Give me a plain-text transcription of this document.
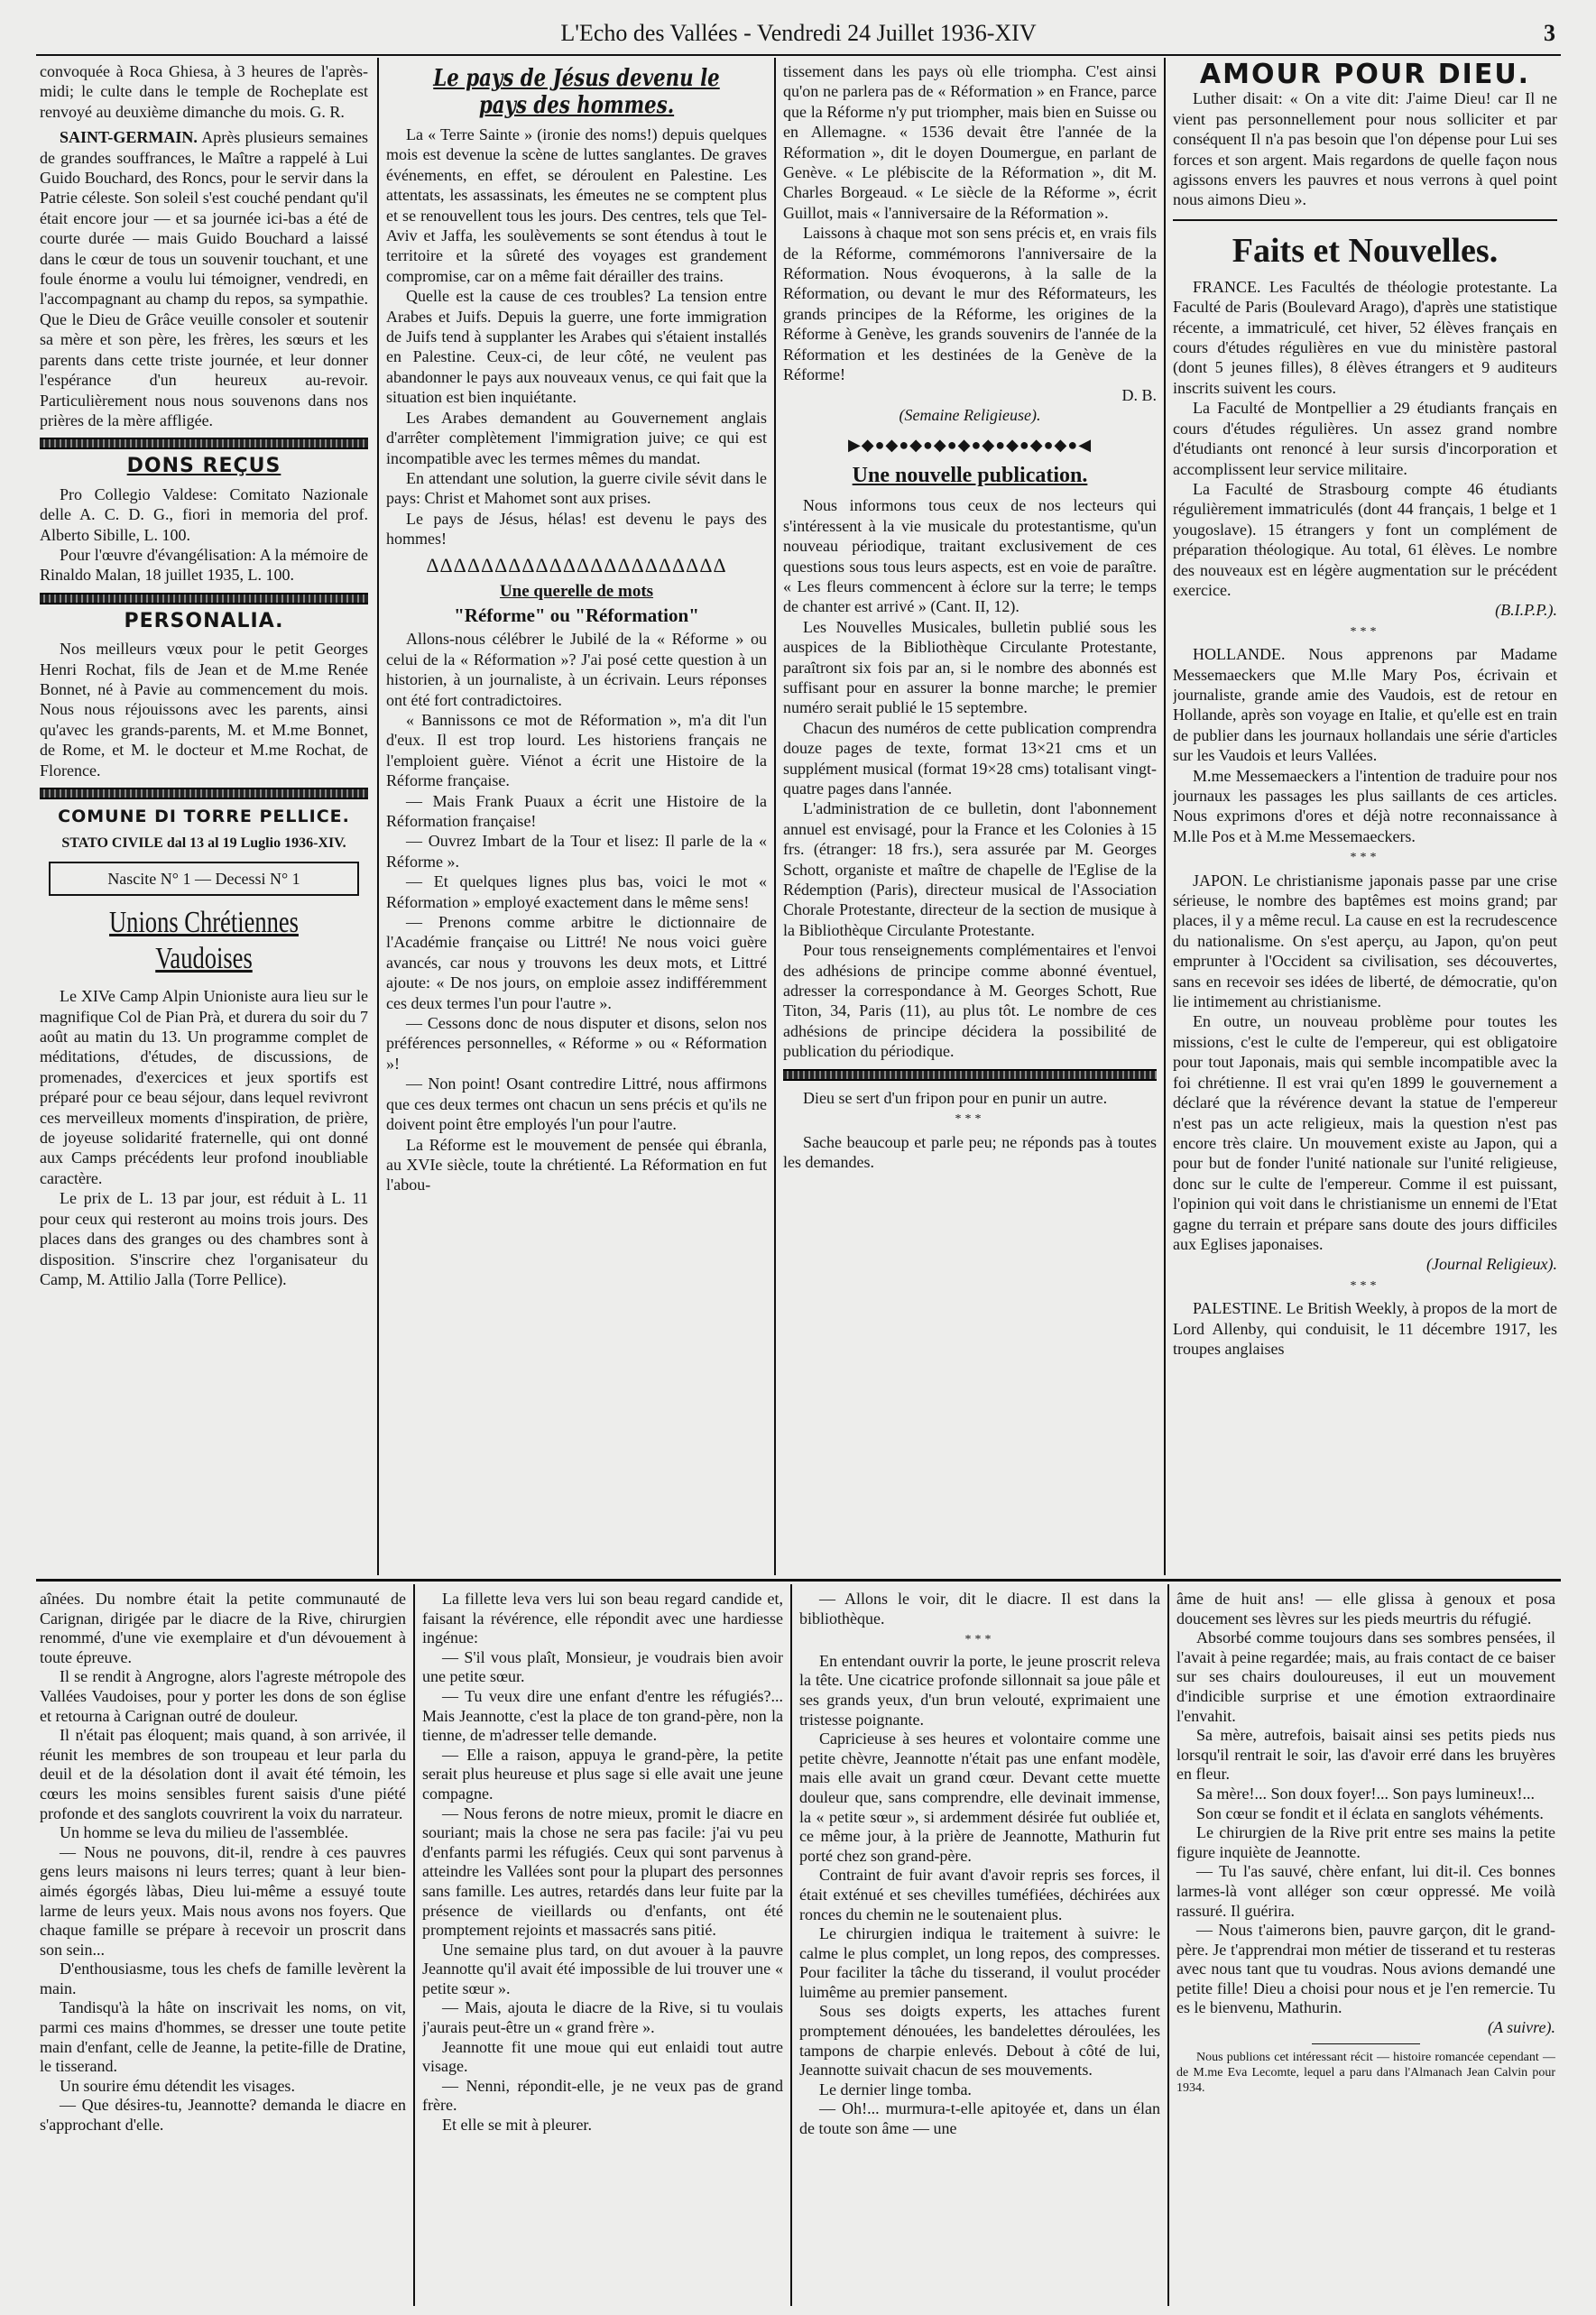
L'Echo des Vallées - Vendredi 24 Juillet 1936-XIV	3

convoquée à Roca Ghiesa, à 3 heures de l'après-midi; le culte dans le temple de Rocheplate est renvoyé au deuxième dimanche du mois. G. R.

SAINT-GERMAIN. Après plusieurs semaines de grandes souffrances, le Maître a rappelé à Lui Guido Bouchard, des Roncs, pour le servir dans la Patrie céleste. Son soleil s'est couché pendant qu'il était encore jour — et sa journée ici-bas a été de courte durée — mais Guido Bouchard a laissé dans le cœur de tous un souvenir touchant, et une foule énorme a voulu lui témoigner, vendredi, en l'accompagnant au champ du repos, sa sympathie. Que le Dieu de Grâce veuille consoler et soutenir sa mère et son père, les frères, les sœurs et les parents dans cette triste journée, et leur donner l'espérance d'un heureux au-revoir. Particulièrement nous nous souvenons dans nos prières de la mère affligée.

DONS REÇUS

Pro Collegio Valdese: Comitato Nazionale delle A. C. D. G., fiori in memoria del prof. Alberto Sibille, L. 100.

Pour l'œuvre d'évangélisation: A la mémoire de Rinaldo Malan, 18 juillet 1935, L. 100.

PERSONALIA.

Nos meilleurs vœux pour le petit Georges Henri Rochat, fils de Jean et de M.me Renée Bonnet, né à Pavie au commencement du mois. Nous nous réjouissons avec les parents, ainsi qu'avec les grands-parents, M. et M.me Bonnet, de Rome, et M. le docteur et M.me Rochat, de Florence.

COMUNE DI TORRE PELLICE.
STATO CIVILE dal 13 al 19 Luglio 1936-XIV.
Nascite N° 1 — Decessi N° 1
Unions Chrétiennes Vaudoises

Le XIVe Camp Alpin Unioniste aura lieu sur le magnifique Col de Pian Prà, et durera du soir du 7 août au matin du 13. Un programme complet de méditations, d'études, de discussions, de promenades, d'exercices et jeux sportifs est préparé pour ce beau séjour, dans lequel revivront ces merveilleux moments d'inspiration, de prière, de joyeuse solidarité fraternelle, qui ont donné aux Camps précédents leur profond inoubliable caractère.

Le prix de L. 13 par jour, est réduit à L. 11 pour ceux qui resteront au moins trois jours. Des places dans des granges ou des chambres sont à disposition. S'inscrire chez l'organisateur du Camp, M. Attilio Jalla (Torre Pellice).

Le pays de Jésus devenu le pays des hommes.

La « Terre Sainte » (ironie des noms!) depuis quelques mois est devenue la scène de luttes sanglantes. De graves événements, en effet, se déroulent en Palestine. Les attentats, les assassinats, les émeutes ne se comptent plus et se renouvellent tous les jours. Des centres, tels que Tel-Aviv et Jaffa, les soulèvements se sont étendus à tout le territoire et la sûreté des voyages est grandement compromise, car on a même fait dérailler des trains.

Quelle est la cause de ces troubles? La tension entre Arabes et Juifs. Depuis la guerre, une forte immigration de Juifs tend à supplanter les Arabes qui s'étaient installés en Palestine. Ceux-ci, de leur côté, ne veulent pas abandonner le pays aux nouveaux venus, ce qui fait que la situation est bien inquiétante.

Les Arabes demandent au Gouvernement anglais d'arrêter complètement l'immigration juive; ce qui est incompatible avec les termes mêmes du mandat.

En attendant une solution, la guerre civile sévit dans le pays: Christ et Mahomet sont aux prises.

Le pays de Jésus, hélas! est devenu le pays des hommes!

ΔΔΔΔΔΔΔΔΔΔΔΔΔΔΔΔΔΔΔΔΔΔ
Une querelle de mots
"Réforme" ou "Réformation"

Allons-nous célébrer le Jubilé de la « Réforme » ou celui de la « Réformation »? J'ai posé cette question à un historien, à un journaliste, à un écrivain. Leurs réponses ont été fort contradictoires.

« Bannissons ce mot de Réformation », m'a dit l'un d'eux. Il est trop lourd. Les historiens français ne l'emploient guère. Viénot a écrit une Histoire de la Réforme française.

— Mais Frank Puaux a écrit une Histoire de la Réformation française!

— Ouvrez Imbart de la Tour et lisez: Il parle de la « Réforme ».

— Et quelques lignes plus bas, voici le mot « Réformation » employé exactement dans le même sens!

— Prenons comme arbitre le dictionnaire de l'Académie française ou Littré! Ne nous voici guère avancés, car nous y trouvons les deux mots, et Littré ajoute: « De nos jours, on emploie assez indifféremment ces deux termes l'un pour l'autre ».

— Cessons donc de nous disputer et disons, selon nos préférences personnelles, « Réforme » ou « Réformation »!

— Non point! Osant contredire Littré, nous affirmons que ces deux termes ont chacun un sens précis et qu'ils ne doivent point être employés l'un pour l'autre.

La Réforme est le mouvement de pensée qui ébranla, au XVIe siècle, toute la chrétienté. La Réformation en fut l'abou-

tissement dans les pays où elle triompha. C'est ainsi qu'on ne parlera pas de « Réformation » en France, parce que la Réforme n'y put triompher, mais bien en Suisse ou en Allemagne. « 1536 devait être l'année de la Réformation », dit le doyen Doumergue, en parlant de Genève. « Le plébiscite de la Réformation », dit M. Charles Borgeaud. « Le siècle de la Réforme », écrit Guillot, mais « l'anniversaire de la Réformation ».

Laissons à chaque mot son sens précis et, en vrais fils de la Réforme, commémorons l'anniversaire de la Réformation. Nous évoquerons, à la salle de la Réformation, ou devant le mur des Réformateurs, les grands principes de la Réforme, les origines de la Réforme à Genève, les grands souvenirs de l'année de la Réformation et les destinées de la Genève de la Réforme!

D. B.
(Semaine Religieuse).
▶◆●◆●◆●◆●◆●◆●◆●◆●◆●◀
Une nouvelle publication.

Nous informons tous ceux de nos lecteurs qui s'intéressent à la vie musicale du protestantisme, qu'un nouveau périodique, traitant exclusivement de ces questions sous tous leurs aspects, est en voie de paraître. « Les fleurs commencent à éclore sur la terre; le temps de chanter est arrivé » (Cant. II, 12).

Les Nouvelles Musicales, bulletin publié sous les auspices de la Bibliothèque Circulante Protestante, paraîtront six fois par an, si le nombre des abonnés est suffisant pour en assurer la bonne marche; le premier numéro serait publié le 15 septembre.

Chacun des numéros de cette publication comprendra douze pages de texte, format 13×21 cms et un supplément musical (format 19×28 cms) totalisant vingt-quatre pages dans l'année.

L'administration de ce bulletin, dont l'abonnement annuel est envisagé, pour la France et les Colonies à 15 frs. (étranger: 18 frs.), sera assurée par M. Georges Schott, organiste et maître de chapelle de l'Eglise de la Rédemption (Paris), directeur musical de l'Association Chorale Protestante, directeur de la section de musique à la Bibliothèque Circulante Protestante.

Pour tous renseignements complémentaires et l'envoi des adhésions de principe comme abonné éventuel, adresser la correspondance à M. Georges Schott, Rue Titon, 34, Paris (11), au plus tôt. Le nombre de ces adhésions de principe décidera la possibilité de publication du périodique.

Dieu se sert d'un fripon pour en punir un autre.

***

Sache beaucoup et parle peu; ne réponds pas à toutes les demandes.

AMOUR POUR DIEU.

Luther disait: « On a vite dit: J'aime Dieu! car Il ne vient pas personnellement pour nous solliciter et par conséquent Il n'a pas besoin que l'on dépense pour Lui ses forces et son argent. Mais regardons de quelle façon nous agissons envers les pauvres et nous verrons à quel point nous aimons Dieu ».

Faits et Nouvelles.

FRANCE. Les Facultés de théologie protestante. La Faculté de Paris (Boulevard Arago), d'après une statistique récente, a immatriculé, cet hiver, 52 élèves français en cours d'études régulières en vue du ministère pastoral (dont 5 jeunes filles), 8 élèves étrangers et 9 auditeurs inscrits suivent les cours.

La Faculté de Montpellier a 29 étudiants français en cours d'études régulières. Un assez grand nombre d'étudiants ont renoncé à leur sursis d'incorporation et accomplissent leur service militaire.

La Faculté de Strasbourg compte 46 étudiants régulièrement immatriculés (dont 44 français, 1 belge et 1 yougoslave). 15 étrangers y font un complément de préparation théologique. Au total, 61 élèves. Le nombre des nouveaux est en légère augmentation sur le précédent exercice.

(B.I.P.P.).
***

HOLLANDE. Nous apprenons par Madame Messemaeckers que M.lle Mary Pos, écrivain et journaliste, grande amie des Vaudois, est de retour en Hollande, après son voyage en Italie, et qu'elle est en train de publier dans les journaux hollandais une série d'articles sur les Vaudois et leurs Vallées.

M.me Messemaeckers a l'intention de traduire pour nos journaux les passages les plus saillants de ces articles. Nous exprimons d'ores et déjà notre reconnaissance à M.lle Pos et à M.me Messemaeckers.

***

JAPON. Le christianisme japonais passe par une crise sérieuse, le nombre des baptêmes est moins grand; par places, il y a même recul. La cause en est la recrudescence du nationalisme. On s'est aperçu, au Japon, qu'on peut emprunter à l'Occident sa civilisation, ses découvertes, sans en recevoir ses idées de liberté, de démocratie, qu'on lie intimement au christianisme.

En outre, un nouveau problème pour toutes les missions, c'est le culte de l'empereur, qui est obligatoire pour tout Japonais, mais qui semble incompatible avec la foi chrétienne. Il est vrai qu'en 1899 le gouvernement a déclaré que la révérence devant la statue de l'empereur n'est pas un acte religieux, mais la question n'est pas encore très claire. Un mouvement existe au Japon, qui a pour but de fonder l'unité nationale sur l'unité religieuse, donc sur le culte de l'empereur. Comme il est puissant, l'opinion qui voit dans le christianisme un ennemi de l'Etat gagne du terrain et prépare sans doute des jours difficiles aux Eglises japonaises.

(Journal Religieux).
***

PALESTINE. Le British Weekly, à propos de la mort de Lord Allenby, qui conduisit, le 11 décembre 1917, les troupes anglaises

aînées. Du nombre était la petite communauté de Carignan, dirigée par le diacre de la Rive, chirurgien renommé, d'une vie exemplaire et d'un dévouement à toute épreuve.

Il se rendit à Angrogne, alors l'agreste métropole des Vallées Vaudoises, pour y porter les dons de son église et retourna à Carignan outré de douleur.

Il n'était pas éloquent; mais quand, à son arrivée, il réunit les membres de son troupeau et leur parla du deuil et de la désolation dont il avait été témoin, les cœurs les moins sensibles furent saisis d'une piété profonde et des sanglots couvrirent la voix du narrateur.

Un homme se leva du milieu de l'assemblée.

— Nous ne pouvons, dit-il, rendre à ces pauvres gens leurs maisons ni leurs terres; quant à leur bien-aimés égorgés làbas, Dieu lui-même a essuyé toute larme de leurs yeux. Mais nous avons nos foyers. Que chaque famille se prépare à recevoir un proscrit dans son sein...

D'enthousiasme, tous les chefs de famille levèrent la main.

Tandisqu'à la hâte on inscrivait les noms, on vit, parmi ces mains d'hommes, se dresser une toute petite main d'enfant, celle de Jeanne, la petite-fille de Dratine, le tisserand.

Un sourire ému détendit les visages.

— Que désires-tu, Jeannotte? demanda le diacre en s'approchant d'elle.

La fillette leva vers lui son beau regard candide et, faisant la révérence, elle répondit avec une hardiesse ingénue:

— S'il vous plaît, Monsieur, je voudrais bien avoir une petite sœur.

— Tu veux dire une enfant d'entre les réfugiés?... Mais Jeannotte, c'est la place de ton grand-père, non la tienne, de m'adresser telle demande.

— Elle a raison, appuya le grand-père, la petite serait plus heureuse et plus sage si elle avait une jeune compagne.

— Nous ferons de notre mieux, promit le diacre en souriant; mais la chose ne sera pas facile: j'ai vu peu d'enfants parmi les réfugiés. Ceux qui sont parvenus à atteindre les Vallées sont pour la plupart des personnes sans famille. Les autres, retardés dans leur fuite par la présence de vieillards ou d'enfants, ont été promptement rejoints et massacrés sans pitié.

Une semaine plus tard, on dut avouer à la pauvre Jeannotte qu'il avait été impossible de lui trouver une « petite sœur ».

— Mais, ajouta le diacre de la Rive, si tu voulais j'aurais peut-être un « grand frère ».

Jeannotte fit une moue qui eut enlaidi tout autre visage.

— Nenni, répondit-elle, je ne veux pas de grand frère.

Et elle se mit à pleurer.

— Allons le voir, dit le diacre. Il est dans la bibliothèque.

***

En entendant ouvrir la porte, le jeune proscrit releva la tête. Une cicatrice profonde sillonnait sa joue pâle et ses grands yeux, d'un brun velouté, exprimaient une tristesse poignante.

Capricieuse à ses heures et volontaire comme une petite chèvre, Jeannotte n'était pas une enfant modèle, mais elle avait un grand cœur. Devant cette muette douleur que, sans comprendre, elle devinait immense, la « petite sœur », si ardemment désirée fut oubliée et, ce même jour, à la prière de Jeannotte, Mathurin fut porté chez son grand-père.

Contraint de fuir avant d'avoir repris ses forces, il était exténué et ses chevilles tuméfiées, déchirées aux ronces du chemin ne le soutenaient plus.

Le chirurgien indiqua le traitement à suivre: le calme le plus complet, un long repos, des compresses. Pour faciliter la tâche du tisserand, il voulut procéder luimême au premier pansement.

Sous ses doigts experts, les attaches furent promptement dénouées, les bandelettes déroulées, les tampons de charpie enlevés. Debout à côté de lui, Jeannotte suivait chacun de ses mouvements.

Le dernier linge tomba.

— Oh!... murmura-t-elle apitoyée et, dans un élan de toute son âme — une

âme de huit ans! — elle glissa à genoux et posa doucement ses lèvres sur les pieds meurtris du réfugié.

Absorbé comme toujours dans ses sombres pensées, il l'avait à peine regardée; mais, au frais contact de ce baiser sur ses chairs douloureuses, il eut un mouvement d'indicible surprise et une émotion extraordinaire l'envahit.

Sa mère, autrefois, baisait ainsi ses petits pieds nus lorsqu'il rentrait le soir, las d'avoir erré dans les bruyères en fleur.

Sa mère!... Son doux foyer!... Son pays lumineux!...

Son cœur se fondit et il éclata en sanglots véhéments.

Le chirurgien de la Rive prit entre ses mains la petite figure inquiète de Jeannotte.

— Tu l'as sauvé, chère enfant, lui dit-il. Ces bonnes larmes-là vont alléger son cœur oppressé. Me voilà rassuré. Il guérira.

— Nous t'aimerons bien, pauvre garçon, dit le grand-père. Je t'apprendrai mon métier de tisserand et tu resteras avec nous tant que tu voudras. Nous avions demandé une petite fille! Dieu a choisi pour nous et je l'en remercie. Tu es le bienvenu, Mathurin.

(A suivre).

Nous publions cet intéressant récit — histoire romancée cependant — de M.me Eva Lecomte, lequel a paru dans l'Almanach Jean Calvin pour 1934.
